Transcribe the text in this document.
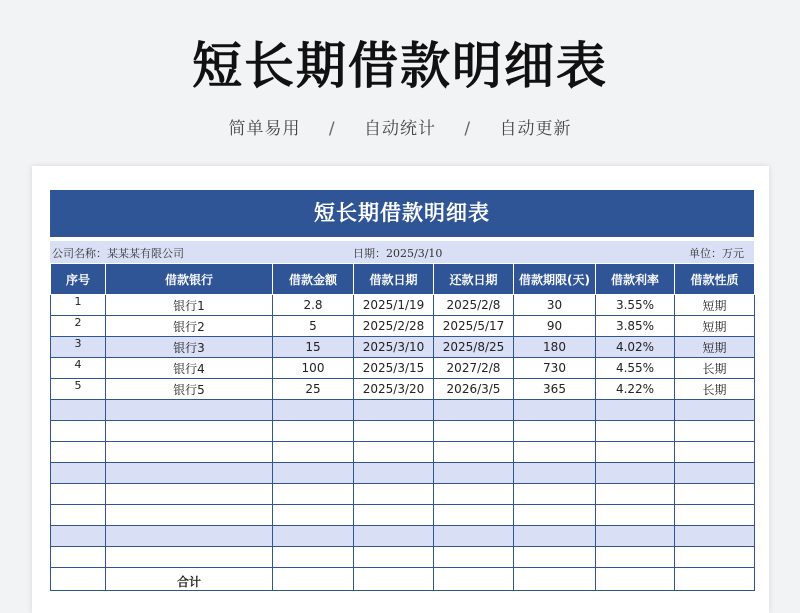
短长期借款明细表
简单易用 / 自动统计 / 自动更新
短长期借款明细表
公司名称：某某某有限公司	日期：2025/3/10	单位：万元
序号	借款银行	借款金额	借款日期	还款日期	借款期限(天)	借款利率	借款性质
1	银行1	2.8	2025/1/19	2025/2/8	30	3.55%	短期
2	银行2	5	2025/2/28	2025/5/17	90	3.85%	短期
3	银行3	15	2025/3/10	2025/8/25	180	4.02%	短期
4	银行4	100	2025/3/15	2027/2/8	730	4.55%	长期
5	银行5	25	2025/3/20	2026/3/5	365	4.22%	长期

	合计						
